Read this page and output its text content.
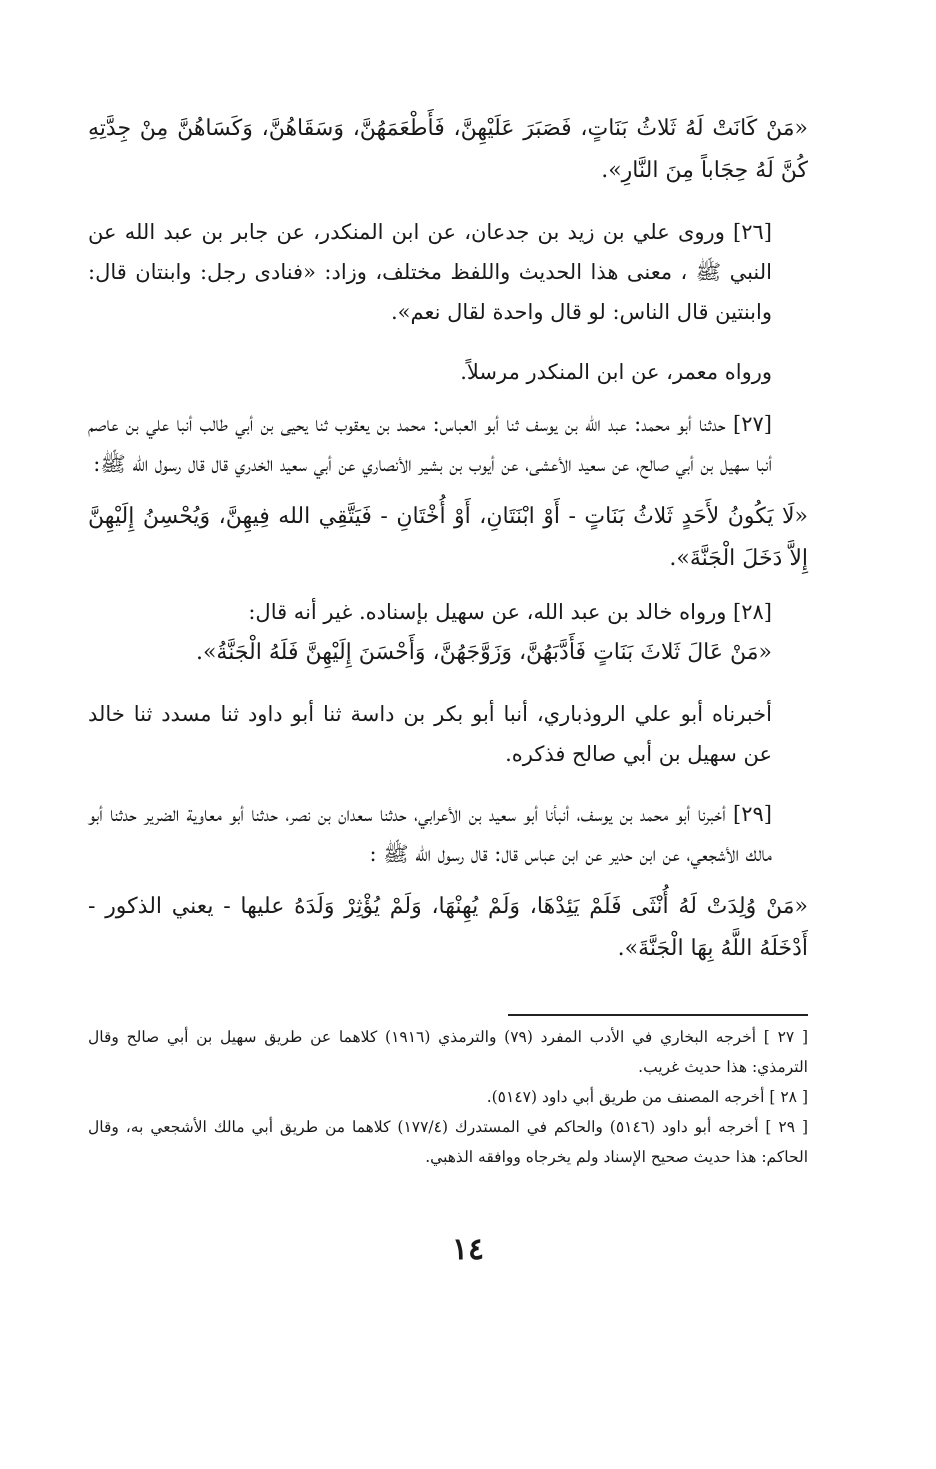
«مَنْ كَانَتْ لَهُ ثَلاثُ بَنَاتٍ، فَصَبَرَ عَلَيْهِنَّ، فَأَطْعَمَهُنَّ، وَسَقَاهُنَّ، وَكَسَاهُنَّ مِنْ جِدَّتِهِ كُنَّ لَهُ حِجَاباً مِنَ النَّارِ».

[٢٦] وروى علي بن زيد بن جدعان، عن ابن المنكدر، عن جابر بن عبد الله عن النبي ﷺ ، معنى هذا الحديث واللفظ مختلف، وزاد: «فنادى رجل: وابنتان قال: وابنتين قال الناس: لو قال واحدة لقال نعم».

ورواه معمر، عن ابن المنكدر مرسلاً.

[٢٧] حدثنا أبو محمد: عبد الله بن يوسف ثنا أبو العباس: محمد بن يعقوب ثنا يحيى بن أبي طالب أنبا علي بن عاصم أنبا سهيل بن أبي صالح، عن سعيد الأعشى، عن أيوب بن بشير الأنصاري عن أبي سعيد الخدري قال قال رسول الله ﷺ:

«لَا يَكُونُ لأَحَدٍ ثَلاثُ بَنَاتٍ - أَوْ ابْنَتَانِ، أَوْ أُخْتَانِ - فَيَتَّقِي الله فِيهِنَّ، وَيُحْسِنُ إِلَيْهِنَّ إِلاَّ دَخَلَ الْجَنَّةَ».

[٢٨] ورواه خالد بن عبد الله، عن سهيل بإسناده. غير أنه قال:

«مَنْ عَالَ ثَلاثَ بَنَاتٍ فَأَدَّبَهُنَّ، وَزَوَّجَهُنَّ، وَأَحْسَنَ إِلَيْهِنَّ فَلَهُ الْجَنَّةُ».

أخبرناه أبو علي الروذباري، أنبا أبو بكر بن داسة ثنا أبو داود ثنا مسدد ثنا خالد عن سهيل بن أبي صالح فذكره.

[٢٩] أخبرنا أبو محمد بن يوسف، أنبأنا أبو سعيد بن الأعرابي، حدثنا سعدان بن نصر، حدثنا أبو معاوية الضرير حدثنا أبو مالك الأشجعي، عن ابن حدير عن ابن عباس قال: قال رسول الله ﷺ :

«مَنْ وُلِدَتْ لَهُ أُنْثَى فَلَمْ يَئِدْهَا، وَلَمْ يُهِنْهَا، وَلَمْ يُؤْثِرْ وَلَدَهُ عليها - يعني الذكور - أَدْخَلَهُ اللَّهُ بِهَا الْجَنَّةَ».

[ ٢٧ ] أخرجه البخاري في الأدب المفرد (٧٩) والترمذي (١٩١٦) كلاهما عن طريق سهيل بن أبي صالح وقال الترمذي: هذا حديث غريب.

[ ٢٨ ] أخرجه المصنف من طريق أبي داود (٥١٤٧).

[ ٢٩ ] أخرجه أبو داود (٥١٤٦) والحاكم في المستدرك (١٧٧/٤) كلاهما من طريق أبي مالك الأشجعي به، وقال الحاكم: هذا حديث صحيح الإسناد ولم يخرجاه ووافقه الذهبي.

١٤
